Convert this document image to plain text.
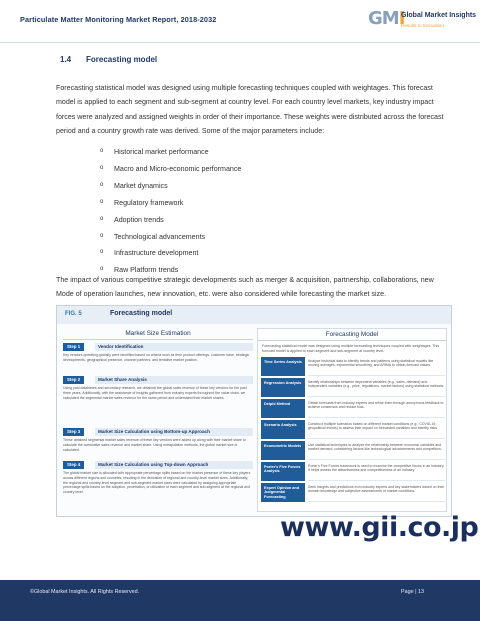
Particulate Matter Monitoring Market Report, 2018-2032	GMI
Global Market Insights
Results to Innovation
1.4 Forecasting model

Forecasting statistical model was designed using multiple forecasting techniques coupled with weightages. This forecast model is applied to each segment and sub-segment at country level. For each country level markets, key industry impact forces were analyzed and assigned weights in order of their importance. These weights were distributed across the forecast period and a country growth rate was derived. Some of the major parameters include:

o Historical market performance
o Macro and Micro-economic performance
o Market dynamics
o Regulatory framework
o Adoption trends
o Technological advancements
o Infrastructure development
o Raw Platform trends

The impact of various competitive strategic developments such as merger & acquisition, partnership, collaborations, new Mode of operation launches, new innovation, etc. were also considered while forecasting the market size.

FIG. 5	Forecasting model
Market Size Estimation
Step 1	Vendor Identification
Key vendors operating globally were identified based on criteria such as their product offerings, customer base, strategic developments, geographical presence, channel partners, and tentative market position.
Step 2	Market Share Analysis
Using paid databases and secondary research, we obtained the global sales revenue of these key vendors for the past three years. Additionally, with the assistance of insights gathered from industry experts throughout the value chain, we calculated the segmental market sales revenue for the same period and understand their market shares.
Step 3	Market Size Calculation using Bottom-up Approach
These obtained segmental market sales revenue of these key vendors were added up along with their market share to calculate the cumulative sales revenue and market share. Using extrapolation methods, the global market size is calculated.
Step 4	Market Size Calculation using Top-down Approach
The global market size is allocated with appropriate percentage splits based on the market presence of these key players across different regions and countries, resulting in the derivation of regional and country-level market sizes. Additionally, the regional and country-level segment and sub-segment market sizes were calculated by assigning appropriate percentage splits based on the adoption, penetration, or utilization of each segment and sub-segment at the regional and country level.
Forecasting Model
Forecasting statistical model was designed using multiple forecasting techniques coupled with weightages. This forecast model is applied to each segment and sub-segment at country level.
Time Series Analysis	Analyze historical data to identify trends and patterns using statistical models like moving averages, exponential smoothing, and ARIMA to obtain forecast values.
Regression Analysis	Identify relationships between dependent variables (e.g., sales, demand) and independent variables (e.g., price, regulations, market factors) using statistical methods.
Delphi Method	Obtain forecasts from industry experts and refine them through anonymous feedback to achieve consensus and reduce bias.
Scenario Analysis	Construct multiple scenarios based on different market conditions (e.g., COVID-19, geopolitical events) to assess their impact on forecasted variables and identify risks.
Econometric Models	Use statistical techniques to analyze the relationship between economic variables and market demand, considering factors like technological advancements and competition.
Porter's Five Forces Analysis
Porter's Five Forces framework is used to examine the competitive forces in an industry. It helps assess the attractiveness and competitiveness of an industry.
Expert Opinion and Judgmental Forecasting
Seek insights and predictions from industry experts and key stakeholders based on their domain knowledge and subjective assessments of market conditions.
www.gii.co.jp
©Global Market Insights. All Rights Reserved.	Page | 13
